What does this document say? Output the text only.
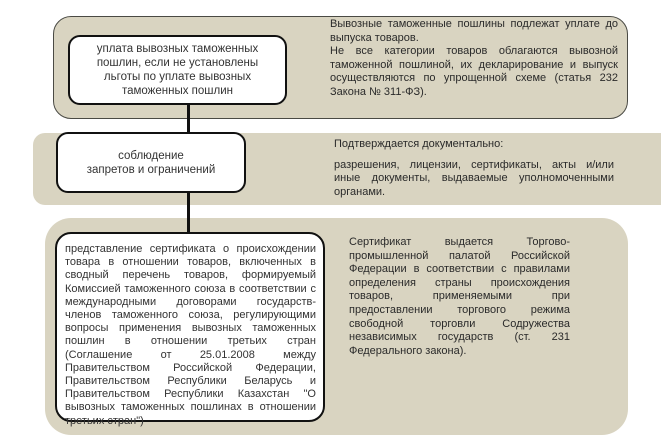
уплата вывозных таможенных пошлин, если не установлены льготы по уплате вывозных таможенных пошлин
Вывозные таможенные пошлины подлежат уплате до выпуска товаров.
Не все категории товаров облагаются вывозной таможенной пошлиной, их декларирование и выпуск осуществляются по упрощенной схеме (статья 232 Закона № 311-ФЗ).
соблюдение
запретов и ограничений
Подтверждается документально:
разрешения, лицензии, сертификаты, акты и/или иные документы, выдаваемые уполномоченными органами.
представление сертификата о происхождении товара в отношении товаров, включенных в сводный перечень товаров, формируемый Комиссией таможенного союза в соответствии с международными договорами государств-членов таможенного союза, регулирующими вопросы применения вывозных таможенных пошлин в отношении третьих стран (Соглашение от 25.01.2008 между Правительством Российской Федерации, Правительством Республики Беларусь и Правительством Республики Казахстан "О вывозных таможенных пошлинах в отношении третьих стран")
Сертификат выдается Торгово-промышленной палатой Российской Федерации в соответствии с правилами определения страны происхождения товаров, применяемыми при предоставлении торгового режима свободной торговли Содружества независимых государств (ст. 231 Федерального закона).
